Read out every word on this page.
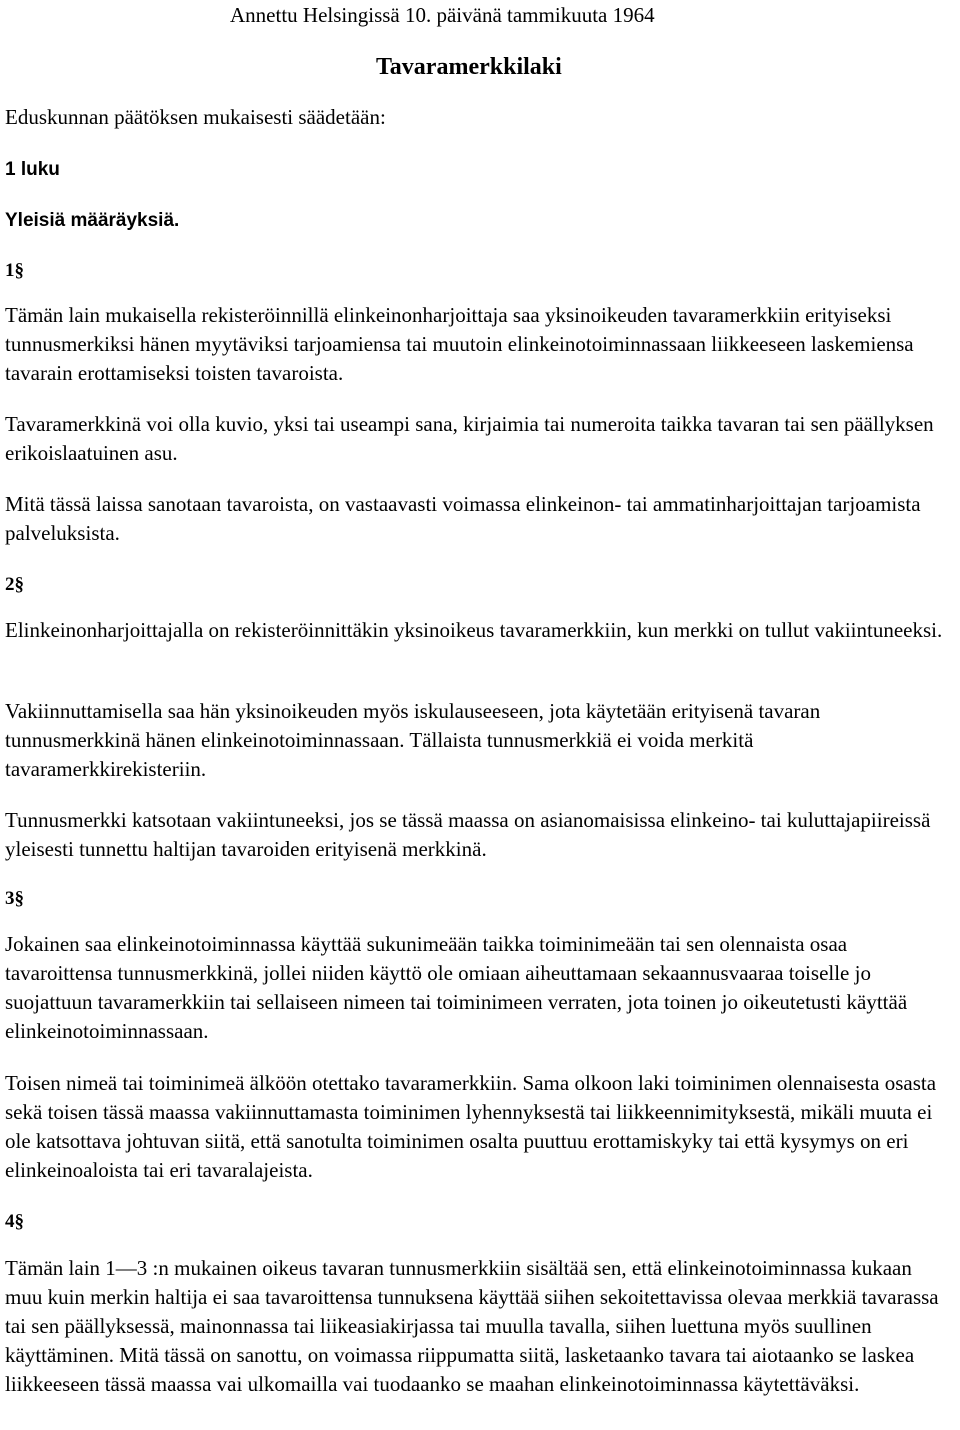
Annettu Helsingissä 10. päivänä tammikuuta 1964
Tavaramerkkilaki
Eduskunnan päätöksen mukaisesti säädetään:
1 luku
Yleisiä määräyksiä.
1§

Tämän lain mukaisella rekisteröinnillä elinkeinonharjoittaja saa yksinoikeuden tavaramerkkiin erityiseksi tunnusmerkiksi hänen myytäviksi tarjoamiensa tai muutoin elinkeinotoiminnassaan liikkeeseen laskemiensa tavarain erottamiseksi toisten tavaroista.

Tavaramerkkinä voi olla kuvio, yksi tai useampi sana, kirjaimia tai numeroita taikka tavaran tai sen päällyksen erikoislaatuinen asu.

Mitä tässä laissa sanotaan tavaroista, on vastaavasti voimassa elinkeinon- tai ammatinharjoittajan tarjoamista palveluksista.

2§

Elinkeinonharjoittajalla on rekisteröinnittäkin yksinoikeus tavaramerkkiin, kun merkki on tullut vakiintuneeksi.

Vakiinnuttamisella saa hän yksinoikeuden myös iskulauseeseen, jota käytetään erityisenä tavaran tunnusmerkkinä hänen elinkeinotoiminnassaan. Tällaista tunnusmerkkiä ei voida merkitä tavaramerkkirekisteriin.

Tunnusmerkki katsotaan vakiintuneeksi, jos se tässä maassa on asianomaisissa elinkeino- tai kuluttajapiireissä yleisesti tunnettu haltijan tavaroiden erityisenä merkkinä.

3§

Jokainen saa elinkeinotoiminnassa käyttää sukunimeään taikka toiminimeään tai sen olennaista osaa tavaroittensa tunnusmerkkinä, jollei niiden käyttö ole omiaan aiheuttamaan sekaannusvaaraa toiselle jo suojattuun tavaramerkkiin tai sellaiseen nimeen tai toiminimeen verraten, jota toinen jo oikeutetusti käyttää elinkeinotoiminnassaan.

Toisen nimeä tai toiminimeä älköön otettako tavaramerkkiin. Sama olkoon laki toiminimen olennaisesta osasta sekä toisen tässä maassa vakiinnuttamasta toiminimen lyhennyksestä tai liikkeennimityksestä, mikäli muuta ei ole katsottava johtuvan siitä, että sanotulta toiminimen osalta puuttuu erottamiskyky tai että kysymys on eri elinkeinoaloista tai eri tavaralajeista.

4§

Tämän lain 1—3 :n mukainen oikeus tavaran tunnusmerkkiin sisältää sen, että elinkeinotoiminnassa kukaan muu kuin merkin haltija ei saa tavaroittensa tunnuksena käyttää siihen sekoitettavissa olevaa merkkiä tavarassa tai sen päällyksessä, mainonnassa tai liikeasiakirjassa tai muulla tavalla, siihen luettuna myös suullinen käyttäminen. Mitä tässä on sanottu, on voimassa riippumatta siitä, lasketaanko tavara tai aiotaanko se laskea liikkeeseen tässä maassa vai ulkomailla vai tuodaanko se maahan elinkeinotoiminnassa käytettäväksi.
